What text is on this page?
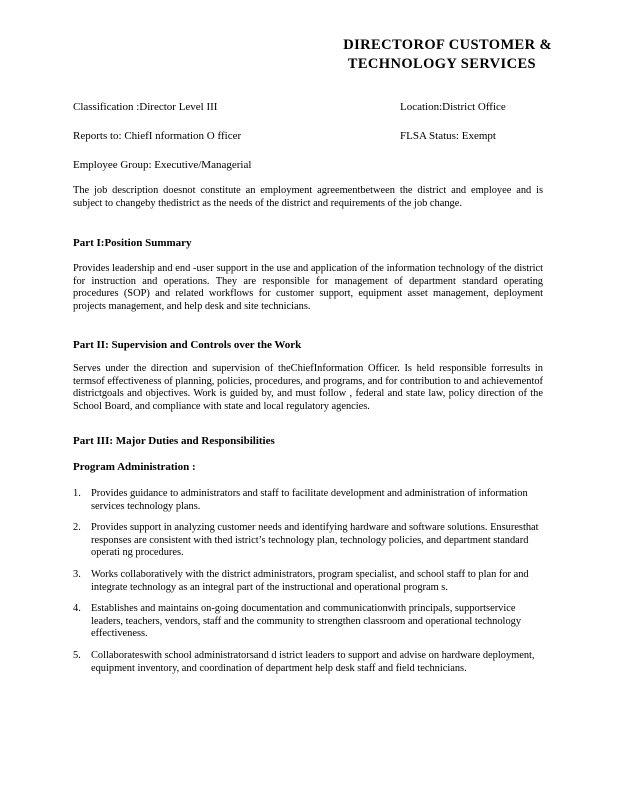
DIRECTOROF CUSTOMER &
TECHNOLOGY SERVICES
Classification :Director Level III	Location:District Office
Reports to: ChiefI nformation O fficer	FLSA Status: Exempt
Employee Group: Executive/Managerial
The job description doesnot constitute an employment agreementbetween the district and employee and is subject to changeby thedistrict as the needs of the district and requirements of the job change.
Part I:Position Summary
Provides leadership and end -user support in the use and application of the information technology of the district for instruction and operations. They are responsible for management of department standard operating procedures (SOP) and related workflows for customer support, equipment asset management, deployment projects management, and help desk and site technicians.
Part II: Supervision and Controls over the Work
Serves under the direction and supervision of theChiefInformation Officer. Is held responsible forresults in termsof effectiveness of planning, policies, procedures, and programs, and for contribution to and achievementof districtgoals and objectives. Work is guided by, and must follow , federal and state law, policy direction of the School Board, and compliance with state and local regulatory agencies.
Part III: Major Duties and Responsibilities
Program Administration :
1. Provides guidance to administrators and staff to facilitate development and administration of information services technology plans.
2. Provides support in analyzing customer needs and identifying hardware and software solutions. Ensuresthat responses are consistent with thed istrict’s technology plan, technology policies, and department standard operati ng procedures.
3. Works collaboratively with the district administrators, program specialist, and school staff to plan for and integrate technology as an integral part of the instructional and operational program s.
4. Establishes and maintains on-going documentation and communicationwith principals, supportservice leaders, teachers, vendors, staff and the community to strengthen classroom and operational technology effectiveness.
5. Collaborateswith school administratorsand d istrict leaders to support and advise on hardware deployment, equipment inventory, and coordination of department help desk staff and field technicians.
